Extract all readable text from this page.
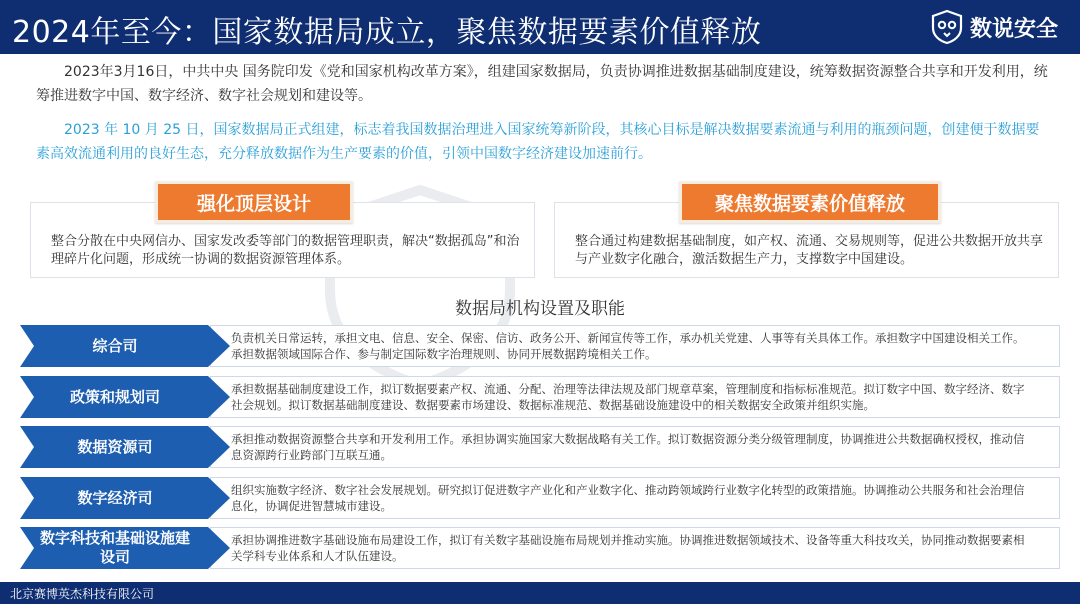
2024年至今：国家数据局成立，聚焦数据要素价值释放	数说安全
2023年3月16日，中共中央 国务院印发《党和国家机构改革方案》，组建国家数据局，负责协调推进数据基础制度建设，统筹数据资源整合共享和开发利用，统筹推进数字中国、数字经济、数字社会规划和建设等。
2023 年 10 月 25 日，国家数据局正式组建，标志着我国数据治理进入国家统筹新阶段，其核心目标是解决数据要素流通与利用的瓶颈问题，创建便于数据要素高效流通利用的良好生态，充分释放数据作为生产要素的价值，引领中国数字经济建设加速前行。
整合分散在中央网信办、国家发改委等部门的数据管理职责，解决“数据孤岛”和治理碎片化问题，形成统一协调的数据资源管理体系。
整合通过构建数据基础制度，如产权、流通、交易规则等，促进公共数据开放共享与产业数字化融合，激活数据生产力，支撑数字中国建设。
强化顶层设计	聚焦数据要素价值释放
数据局机构设置及职能
负责机关日常运转，承担文电、信息、安全、保密、信访、政务公开、新闻宣传等工作，承办机关党建、人事等有关具体工作。承担数字中国建设相关工作。承担数据领域国际合作、参与制定国际数字治理规则、协同开展数据跨境相关工作。
综合司
承担数据基础制度建设工作，拟订数据要素产权、流通、分配、治理等法律法规及部门规章草案，管理制度和指标标准规范。拟订数字中国、数字经济、数字社会规划。拟订数据基础制度建设、数据要素市场建设、数据标准规范、数据基础设施建设中的相关数据安全政策并组织实施。
政策和规划司
承担推动数据资源整合共享和开发利用工作。承担协调实施国家大数据战略有关工作。拟订数据资源分类分级管理制度，协调推进公共数据确权授权，推动信息资源跨行业跨部门互联互通。
数据资源司
组织实施数字经济、数字社会发展规划。研究拟订促进数字产业化和产业数字化、推动跨领域跨行业数字化转型的政策措施。协调推动公共服务和社会治理信息化，协调促进智慧城市建设。
数字经济司
承担协调推进数字基础设施布局建设工作，拟订有关数字基础设施布局规划并推动实施。协调推进数据领域技术、设备等重大科技攻关，协同推动数据要素相关学科专业体系和人才队伍建设。
数字科技和基础设施建设司
北京赛博英杰科技有限公司
